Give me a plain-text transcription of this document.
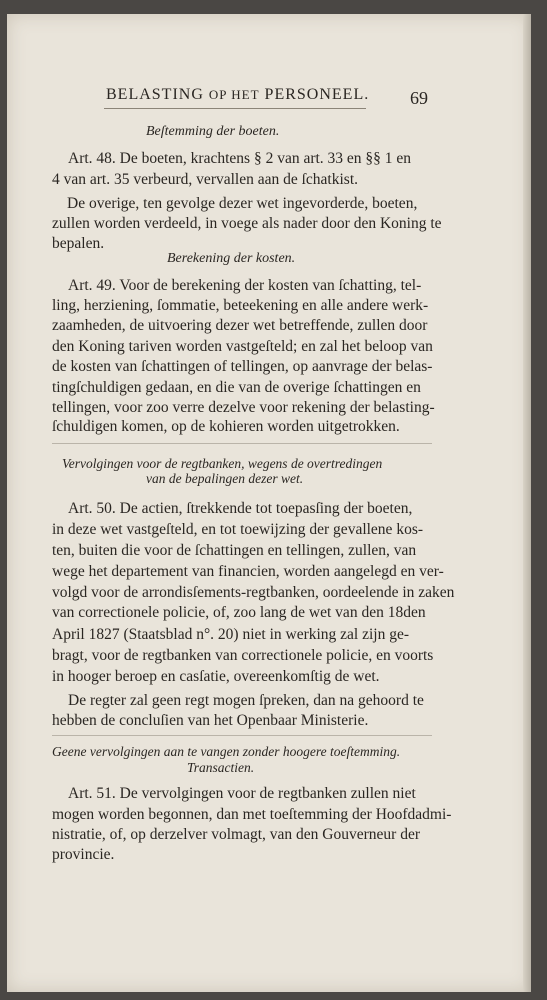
BELASTING OP HET PERSONEEL. 69
Beſtemming der boeten.
Art. 48. De boeten, krachtens § 2 van art. 33 en §§ 1 en
4 van art. 35 verbeurd, vervallen aan de ſchatkist.
De overige, ten gevolge dezer wet ingevorderde, boeten,
zullen worden verdeeld, in voege als nader door den Koning te
bepalen.
Berekening der kosten.
Art. 49. Voor de berekening der kosten van ſchatting, tel-
ling, herziening, ſommatie, beteekening en alle andere werk-
zaamheden, de uitvoering dezer wet betreffende, zullen door
den Koning tariven worden vastgeſteld; en zal het beloop van
de kosten van ſchattingen of tellingen, op aanvrage der belas-
tingſchuldigen gedaan, en die van de overige ſchattingen en
tellingen, voor zoo verre dezelve voor rekening der belasting-
ſchuldigen komen, op de kohieren worden uitgetrokken.
Vervolgingen voor de regtbanken, wegens de overtredingen
van de bepalingen dezer wet.
Art. 50. De actien, ſtrekkende tot toepasſing der boeten,
in deze wet vastgeſteld, en tot toewijzing der gevallene kos-
ten, buiten die voor de ſchattingen en tellingen, zullen, van
wege het departement van financien, worden aangelegd en ver-
volgd voor de arrondisſements-regtbanken, oordeelende in zaken
van correctionele policie, of, zoo lang de wet van den 18den
April 1827 (Staatsblad n°. 20) niet in werking zal zijn ge-
bragt, voor de regtbanken van correctionele policie, en voorts
in hooger beroep en casſatie, overeenkomſtig de wet.
De regter zal geen regt mogen ſpreken, dan na gehoord te
hebben de concluſien van het Openbaar Ministerie.
Geene vervolgingen aan te vangen zonder hoogere toeſtemming.
Transactien.
Art. 51. De vervolgingen voor de regtbanken zullen niet
mogen worden begonnen, dan met toeſtemming der Hoofdadmi-
nistratie, of, op derzelver volmagt, van den Gouverneur der
provincie.
